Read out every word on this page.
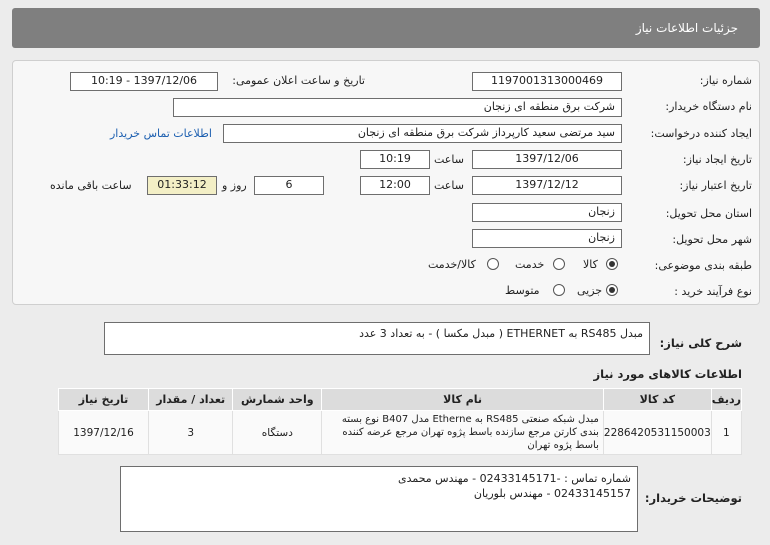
جزئیات اطلاعات نیاز
شماره نیاز:
1197001313000469
تاریخ و ساعت اعلان عمومی:
1397/12/06 - 10:19
نام دستگاه خریدار:
شرکت برق منطقه ای زنجان
ایجاد کننده درخواست:
سید مرتضی سعید کارپرداز شرکت برق منطقه ای زنجان
اطلاعات تماس خریدار
تاریخ ایجاد نیاز:
1397/12/06
ساعت
10:19
تاریخ اعتبار نیاز:
1397/12/12
ساعت
12:00
6
روز و
01:33:12
ساعت باقی مانده
استان محل تحویل:
زنجان
شهر محل تحویل:
زنجان
طبقه بندی موضوعی:
کالا
خدمت
کالا/خدمت
نوع فرآیند خرید :
جزیی
متوسط
شرح کلی نیاز:
مبدل RS485 به ETHERNET ( مبدل مکسا ) - به تعداد 3 عدد
اطلاعات کالاهای مورد نیاز
ردیف	کد کالا	نام کالا	واحد شمارش	تعداد / مقدار	تاریخ نیاز
1	2286420531150003	مبدل شبکه صنعتی RS485 به Etherne مدل B407 نوع بسته بندی کارتن مرجع سازنده باسط پژوه تهران مرجع عرضه کننده باسط پژوه تهران	دستگاه	3	1397/12/16
توضیحات خریدار:
شماره تماس : -02433145171 - مهندس محمدی
02433145157 - مهندس بلوریان
